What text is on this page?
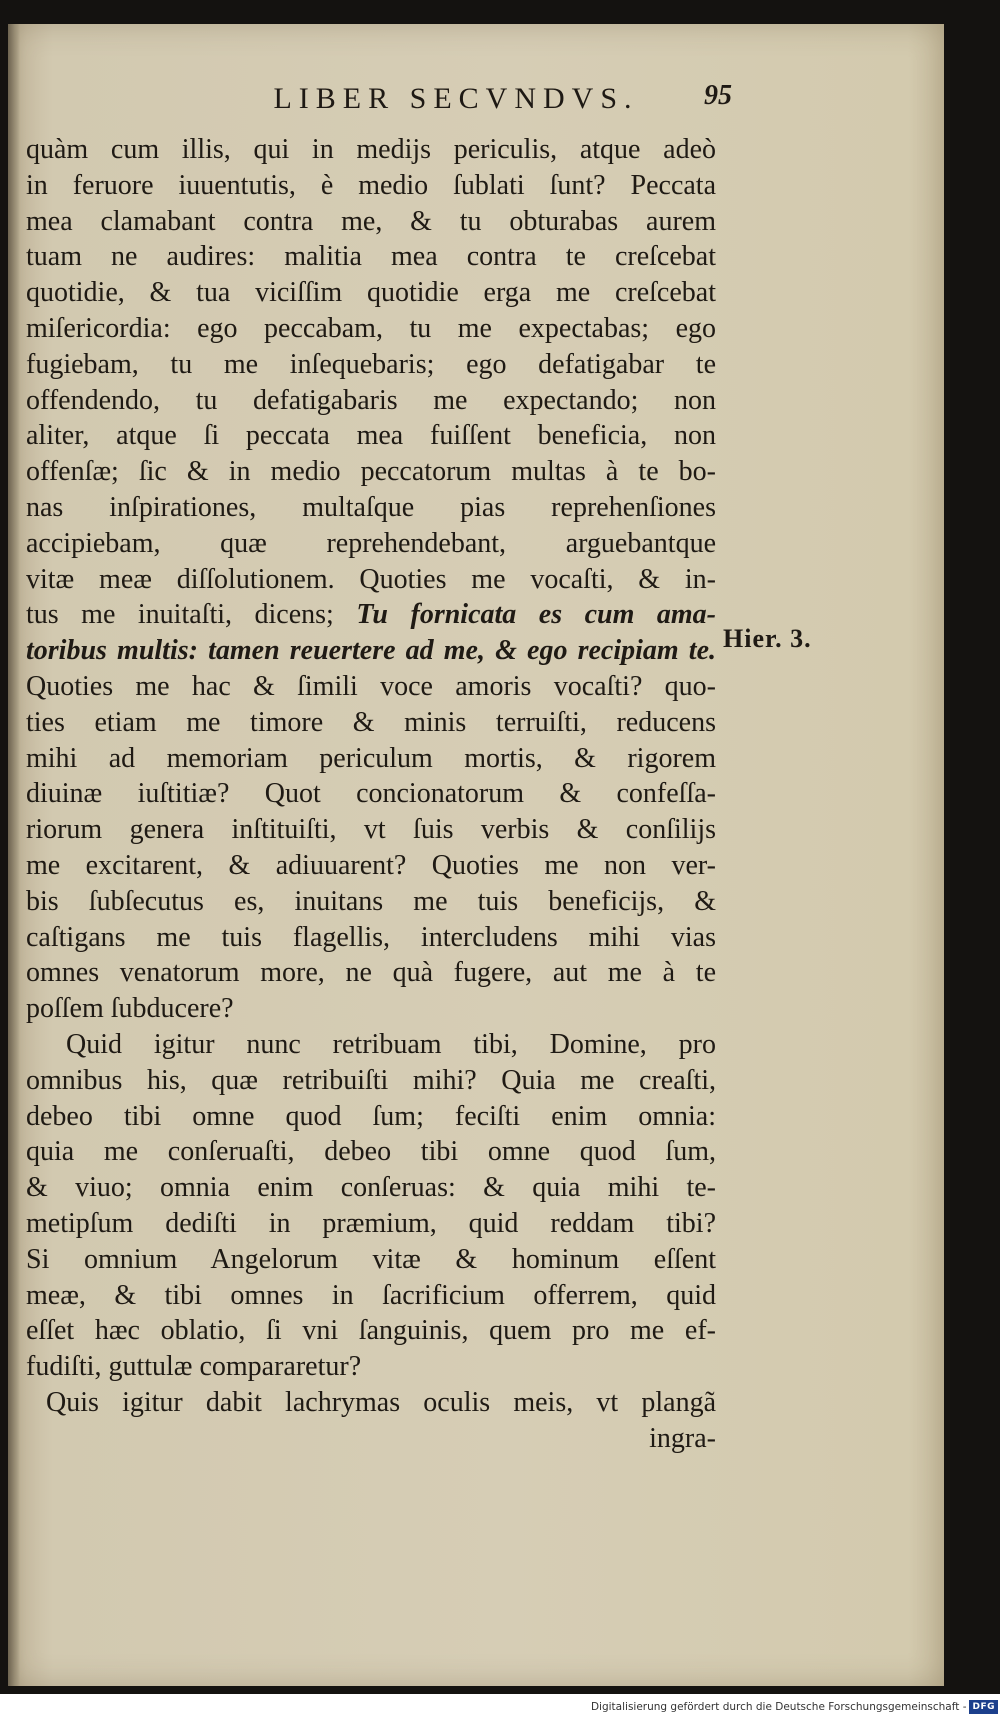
LIBER SECVNDVS.	95
quàm cum illis, qui in medijs periculis, atque adeò
in feruore iuuentutis, è medio ſublati ſunt? Peccata
mea clamabant contra me, & tu obturabas aurem
tuam ne audires: malitia mea contra te creſcebat
quotidie, & tua viciſſim quotidie erga me creſcebat
miſericordia: ego peccabam, tu me expectabas; ego
fugiebam, tu me inſequebaris; ego defatigabar te
offendendo, tu defatigabaris me expectando; non
aliter, atque ſi peccata mea fuiſſent beneficia, non
offenſæ; ſic & in medio peccatorum multas à te bo-
nas inſpirationes, multaſque pias reprehenſiones
accipiebam, quæ reprehendebant, arguebantque
vitæ meæ diſſolutionem. Quoties me vocaſti, & in-
tus me inuitaſti, dicens; Tu fornicata es cum ama-
toribus multis: tamen reuertere ad me, & ego recipiam te.
Quoties me hac & ſimili voce amoris vocaſti? quo-
ties etiam me timore & minis terruiſti, reducens
mihi ad memoriam periculum mortis, & rigorem
diuinæ iuſtitiæ? Quot concionatorum & confeſſa-
riorum genera inſtituiſti, vt ſuis verbis & conſilijs
me excitarent, & adiuuarent? Quoties me non ver-
bis ſubſecutus es, inuitans me tuis beneficijs, &
caſtigans me tuis flagellis, intercludens mihi vias
omnes venatorum more, ne quà fugere, aut me à te
poſſem ſubducere?
Quid igitur nunc retribuam tibi, Domine, pro
omnibus his, quæ retribuiſti mihi? Quia me creaſti,
debeo tibi omne quod ſum; feciſti enim omnia:
quia me conſeruaſti, debeo tibi omne quod ſum,
& viuo; omnia enim conſeruas: & quia mihi te-
metipſum dediſti in præmium, quid reddam tibi?
Si omnium Angelorum vitæ & hominum eſſent
meæ, & tibi omnes in ſacrificium offerrem, quid
eſſet hæc oblatio, ſi vni ſanguinis, quem pro me ef-
fudiſti, guttulæ compararetur?
Quis igitur dabit lachrymas oculis meis, vt plangã
ingra-
Hier. 3.
Digitalisierung gefördert durch die Deutsche Forschungsgemeinschaft - DFG
